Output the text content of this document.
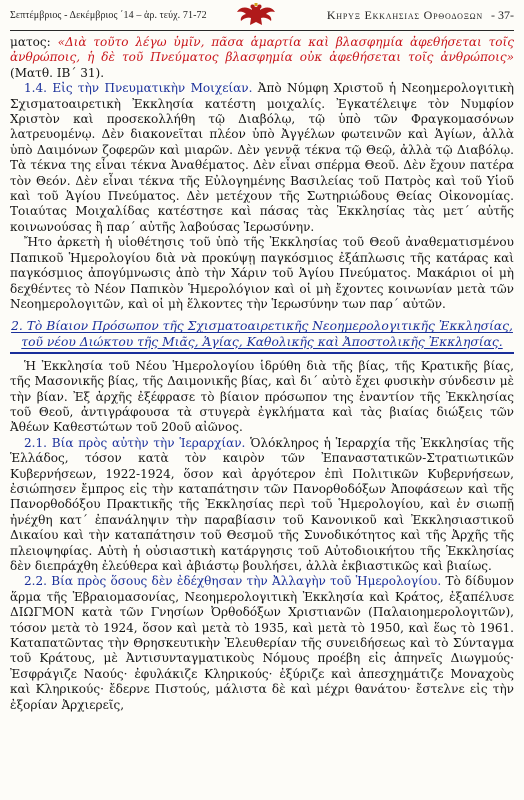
Σεπτέμβριος - Δεκέμβριος ΄14 – ἀρ. τεύχ. 71-72	Κηρυξ Εκκλησιας Ορθοδοξων - 37-

ματος: «Διὰ τοῦτο λέγω ὑμῖν, πᾶσα ἁμαρτία καὶ βλασφημία ἀφεθήσεται τοῖς ἀνθρώποις, ἡ δὲ τοῦ Πνεύματος βλασφημία οὐκ ἀφεθήσεται τοῖς ἀνθρώποις» (Ματθ. ΙΒ΄ 31).

1.4. Εἰς τὴν Πνευματικὴν Μοιχείαν. Ἀπὸ Νύμφη Χριστοῦ ἡ Νεοημερολογιτικὴ Σχισματοαιρετικὴ Ἐκκλησία κατέστη μοιχαλίς. Ἐγκατέλειψε τὸν Νυμφίον Χριστὸν καὶ προσεκολλήθη τῷ Διαβόλῳ, τῷ ὑπὸ τῶν Φραγκομασόνων λατρευομένῳ. Δὲν διακονεῖται πλέον ὑπὸ Ἀγγέλων φωτεινῶν καὶ Ἁγίων, ἀλλὰ ὑπὸ Δαιμόνων ζοφερῶν καὶ μιαρῶν. Δὲν γεννᾷ τέκνα τῷ Θεῷ, ἀλλὰ τῷ Διαβόλῳ. Τὰ τέκνα της εἶναι τέκνα Ἀναθέματος. Δὲν εἶναι σπέρμα Θεοῦ. Δὲν ἔχουν πατέρα τὸν Θεόν. Δὲν εἶναι τέκνα τῆς Εὐλογημένης Βασιλείας τοῦ Πατρὸς καὶ τοῦ Υἱοῦ καὶ τοῦ Ἁγίου Πνεύματος. Δὲν μετέχουν τῆς Σωτηριώδους Θείας Οἰκονομίας. Τοιαύτας Μοιχαλίδας κατέστησε καὶ πάσας τὰς Ἐκκλησίας τὰς μετ΄ αὐτῆς κοινωνούσας ἢ παρ΄ αὐτῆς λαβούσας Ἱερωσύνην.

Ἤτο ἀρκετὴ ἡ υἱοθέτησις τοῦ ὑπὸ τῆς Ἐκκλησίας τοῦ Θεοῦ ἀναθεματισμένου Παπικοῦ Ἡμερολογίου διὰ νὰ προκύψῃ παγκόσμιος ἐξάπλωσις τῆς κατάρας καὶ παγκόσμιος ἀπογύμνωσις ἀπὸ τὴν Χάριν τοῦ Ἁγίου Πνεύματος. Μακάριοι οἱ μὴ δεχθέντες τὸ Νέον Παπικὸν Ἡμερολόγιον καὶ οἱ μὴ ἔχοντες κοινωνίαν μετὰ τῶν Νεοημερολογιτῶν, καὶ οἱ μὴ ἕλκοντες τὴν Ἱερωσύνην των παρ΄ αὐτῶν.

2. Τὸ Βίαιον Πρόσωπον τῆς Σχισματοαιρετικῆς Νεοημερολογιτικῆς Ἐκκλησίας, τοῦ νέου Διώκτου τῆς Μιᾶς, Ἁγίας, Καθολικῆς καὶ Ἀποστολικῆς Ἐκκλησίας.

Ἡ Ἐκκλησία τοῦ Νέου Ἡμερολογίου ἱδρύθη διὰ τῆς βίας, τῆς Κρατικῆς βίας, τῆς Μασονικῆς βίας, τῆς Δαιμονικῆς βίας, καὶ δι΄ αὐτὸ ἔχει φυσικὴν σύνδεσιν μὲ τὴν βίαν. Ἐξ ἀρχῆς ἐξέφρασε τὸ βίαιον πρόσωπον της ἐναντίον τῆς Ἐκκλησίας τοῦ Θεοῦ, ἀντιγράφουσα τὰ στυγερὰ ἐγκλήματα καὶ τὰς βιαίας διώξεις τῶν Ἀθέων Καθεστώτων τοῦ 20οῦ αἰῶνος.

2.1. Βία πρὸς αὐτὴν τὴν Ἱεραρχίαν. Ὁλόκληρος ἡ Ἱεραρχία τῆς Ἐκκλησίας τῆς Ἑλλάδος, τόσον κατὰ τὸν καιρὸν τῶν Ἐπαναστατικῶν-Στρατιωτικῶν Κυβερνήσεων, 1922-1924, ὅσον καὶ ἀργότερον ἐπὶ Πολιτικῶν Κυβερνήσεων, ἐσιώπησεν ἔμπρος εἰς τὴν καταπάτησιν τῶν Πανορθοδόξων Ἀποφάσεων καὶ τῆς Πανορθοδόξου Πρακτικῆς τῆς Ἐκκλησίας περὶ τοῦ Ἡμερολογίου, καὶ ἐν σιωπῇ ἠνέχθη κατ΄ ἐπανάληψιν τὴν παραβίασιν τοῦ Κανονικοῦ καὶ Ἐκκλησιαστικοῦ Δικαίου καὶ τὴν καταπάτησιν τοῦ Θεσμοῦ τῆς Συνοδικότητος καὶ τῆς Ἀρχῆς τῆς πλειοψηφίας. Αὐτὴ ἡ οὐσιαστικὴ κατάργησις τοῦ Αὐτοδιοικήτου τῆς Ἐκκλησίας δὲν διεπράχθη ἐλεύθερα καὶ ἀβιάστῳ βουλήσει, ἀλλὰ ἐκβιαστικῶς καὶ βιαίως.

2.2. Βία πρὸς ὅσους δὲν ἐδέχθησαν τὴν Ἀλλαγὴν τοῦ Ἡμερολογίου. Τὸ δίδυμον ἅρμα τῆς Ἑβραιομασονίας, Νεοημερολογιτικὴ Ἐκκλησία καὶ Κράτος, ἐξαπέλυσε ΔΙΩΓΜΟΝ κατὰ τῶν Γνησίων Ὀρθοδόξων Χριστιανῶν (Παλαιοημερολογιτῶν), τόσον μετὰ τὸ 1924, ὅσον καὶ μετὰ τὸ 1935, καὶ μετὰ τὸ 1950, καὶ ἕως τὸ 1961. Καταπατῶντας τὴν Θρησκευτικὴν Ἐλευθερίαν τῆς συνειδήσεως καὶ τὸ Σύνταγμα τοῦ Κράτους, μὲ Ἀντισυνταγματικοὺς Νόμους προέβη εἰς ἀπηνεῖς Διωγμούς· Ἐσφράγιζε Ναούς· ἐφυλάκιζε Κληρικούς· ἐξύριζε καὶ ἀπεσχημάτιζε Μοναχοὺς καὶ Κληρικούς· ἔδερνε Πιστούς, μάλιστα δὲ καὶ μέχρι θανάτου· ἔστελνε εἰς τὴν ἐξορίαν Ἀρχιερεῖς,
